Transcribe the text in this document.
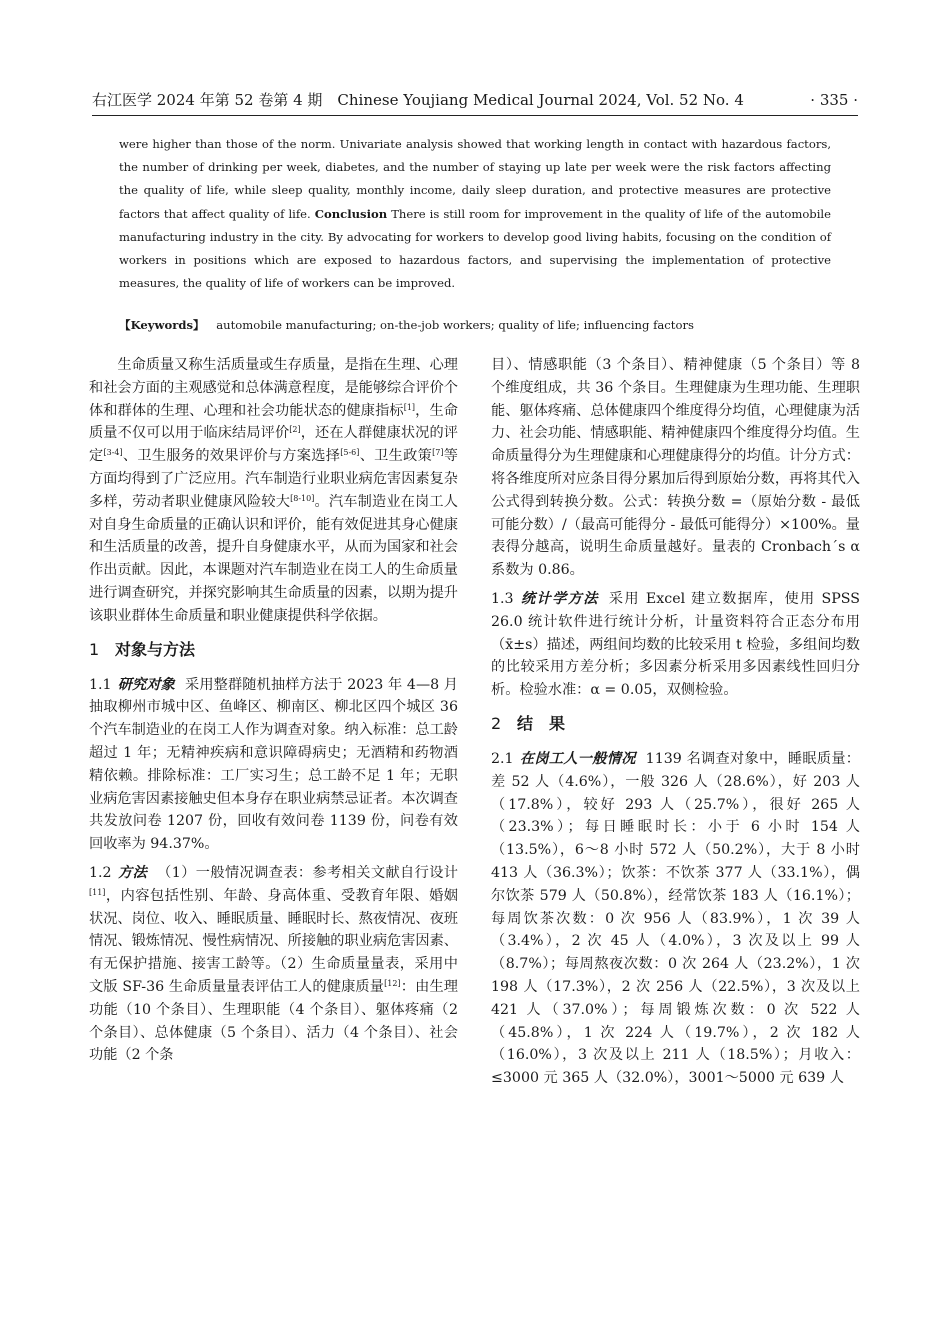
右江医学 2024 年第 52 卷第 4 期　Chinese Youjiang Medical Journal 2024, Vol. 52 No. 4	· 335 ·
were higher than those of the norm. Univariate analysis showed that working length in contact with hazardous factors, the number of drinking per week, diabetes, and the number of staying up late per week were the risk factors affecting the quality of life, while sleep quality, monthly income, daily sleep duration, and protective measures are protective factors that affect quality of life. Conclusion There is still room for improvement in the quality of life of the automobile manufacturing industry in the city. By advocating for workers to develop good living habits, focusing on the condition of workers in positions which are exposed to hazardous factors, and supervising the implementation of protective measures, the quality of life of workers can be improved.
【Keywords】 automobile manufacturing; on-the-job workers; quality of life; influencing factors

生命质量又称生活质量或生存质量，是指在生理、心理和社会方面的主观感觉和总体满意程度，是能够综合评价个体和群体的生理、心理和社会功能状态的健康指标[1]，生命质量不仅可以用于临床结局评价[2]，还在人群健康状况的评定[3-4]、卫生服务的效果评价与方案选择[5-6]、卫生政策[7]等方面均得到了广泛应用。汽车制造行业职业病危害因素复杂多样，劳动者职业健康风险较大[8-10]。汽车制造业在岗工人对自身生命质量的正确认识和评价，能有效促进其身心健康和生活质量的改善，提升自身健康水平，从而为国家和社会作出贡献。因此，本课题对汽车制造业在岗工人的生命质量进行调查研究，并探究影响其生命质量的因素，以期为提升该职业群体生命质量和职业健康提供科学依据。

1 对象与方法

1.1 研究对象 采用整群随机抽样方法于 2023 年 4—8 月抽取柳州市城中区、鱼峰区、柳南区、柳北区四个城区 36 个汽车制造业的在岗工人作为调查对象。纳入标准：总工龄超过 1 年；无精神疾病和意识障碍病史；无酒精和药物酒精依赖。排除标准：工厂实习生；总工龄不足 1 年；无职业病危害因素接触史但本身存在职业病禁忌证者。本次调查共发放问卷 1207 份，回收有效问卷 1139 份，问卷有效回收率为 94.37%。

1.2 方法 （1）一般情况调查表：参考相关文献自行设计[11]，内容包括性别、年龄、身高体重、受教育年限、婚姻状况、岗位、收入、睡眠质量、睡眠时长、熬夜情况、夜班情况、锻炼情况、慢性病情况、所接触的职业病危害因素、有无保护措施、接害工龄等。（2）生命质量量表，采用中文版 SF-36 生命质量量表评估工人的健康质量[12]：由生理功能（10 个条目）、生理职能（4 个条目）、躯体疼痛（2 个条目）、总体健康（5 个条目）、活力（4 个条目）、社会功能（2 个条

目）、情感职能（3 个条目）、精神健康（5 个条目）等 8 个维度组成，共 36 个条目。生理健康为生理功能、生理职能、躯体疼痛、总体健康四个维度得分均值，心理健康为活力、社会功能、情感职能、精神健康四个维度得分均值。生命质量得分为生理健康和心理健康得分的均值。计分方式：将各维度所对应条目得分累加后得到原始分数，再将其代入公式得到转换分数。公式：转换分数 =（原始分数 - 最低可能分数）/（最高可能得分 - 最低可能得分）×100%。量表得分越高，说明生命质量越好。量表的 Cronbach´s α 系数为 0.86。

1.3 统计学方法 采用 Excel 建立数据库，使用 SPSS 26.0 统计软件进行统计分析，计量资料符合正态分布用（x̄±s）描述，两组间均数的比较采用 t 检验，多组间均数的比较采用方差分析；多因素分析采用多因素线性回归分析。检验水准：α = 0.05，双侧检验。

2 结　果

2.1 在岗工人一般情况 1139 名调查对象中，睡眠质量：差 52 人（4.6%），一般 326 人（28.6%），好 203 人（17.8%），较好 293 人（25.7%），很好 265 人（23.3%）；每日睡眠时长：小于 6 小时 154 人（13.5%），6～8 小时 572 人（50.2%），大于 8 小时 413 人（36.3%）；饮茶：不饮茶 377 人（33.1%），偶尔饮茶 579 人（50.8%），经常饮茶 183 人（16.1%）；每周饮茶次数：0 次 956 人（83.9%），1 次 39 人（3.4%），2 次 45 人（4.0%），3 次及以上 99 人（8.7%）；每周熬夜次数：0 次 264 人（23.2%），1 次 198 人（17.3%），2 次 256 人（22.5%），3 次及以上 421 人（37.0%）；每周锻炼次数：0 次 522 人（45.8%），1 次 224 人（19.7%），2 次 182 人（16.0%），3 次及以上 211 人（18.5%）；月收入：≤3000 元 365 人（32.0%），3001～5000 元 639 人
